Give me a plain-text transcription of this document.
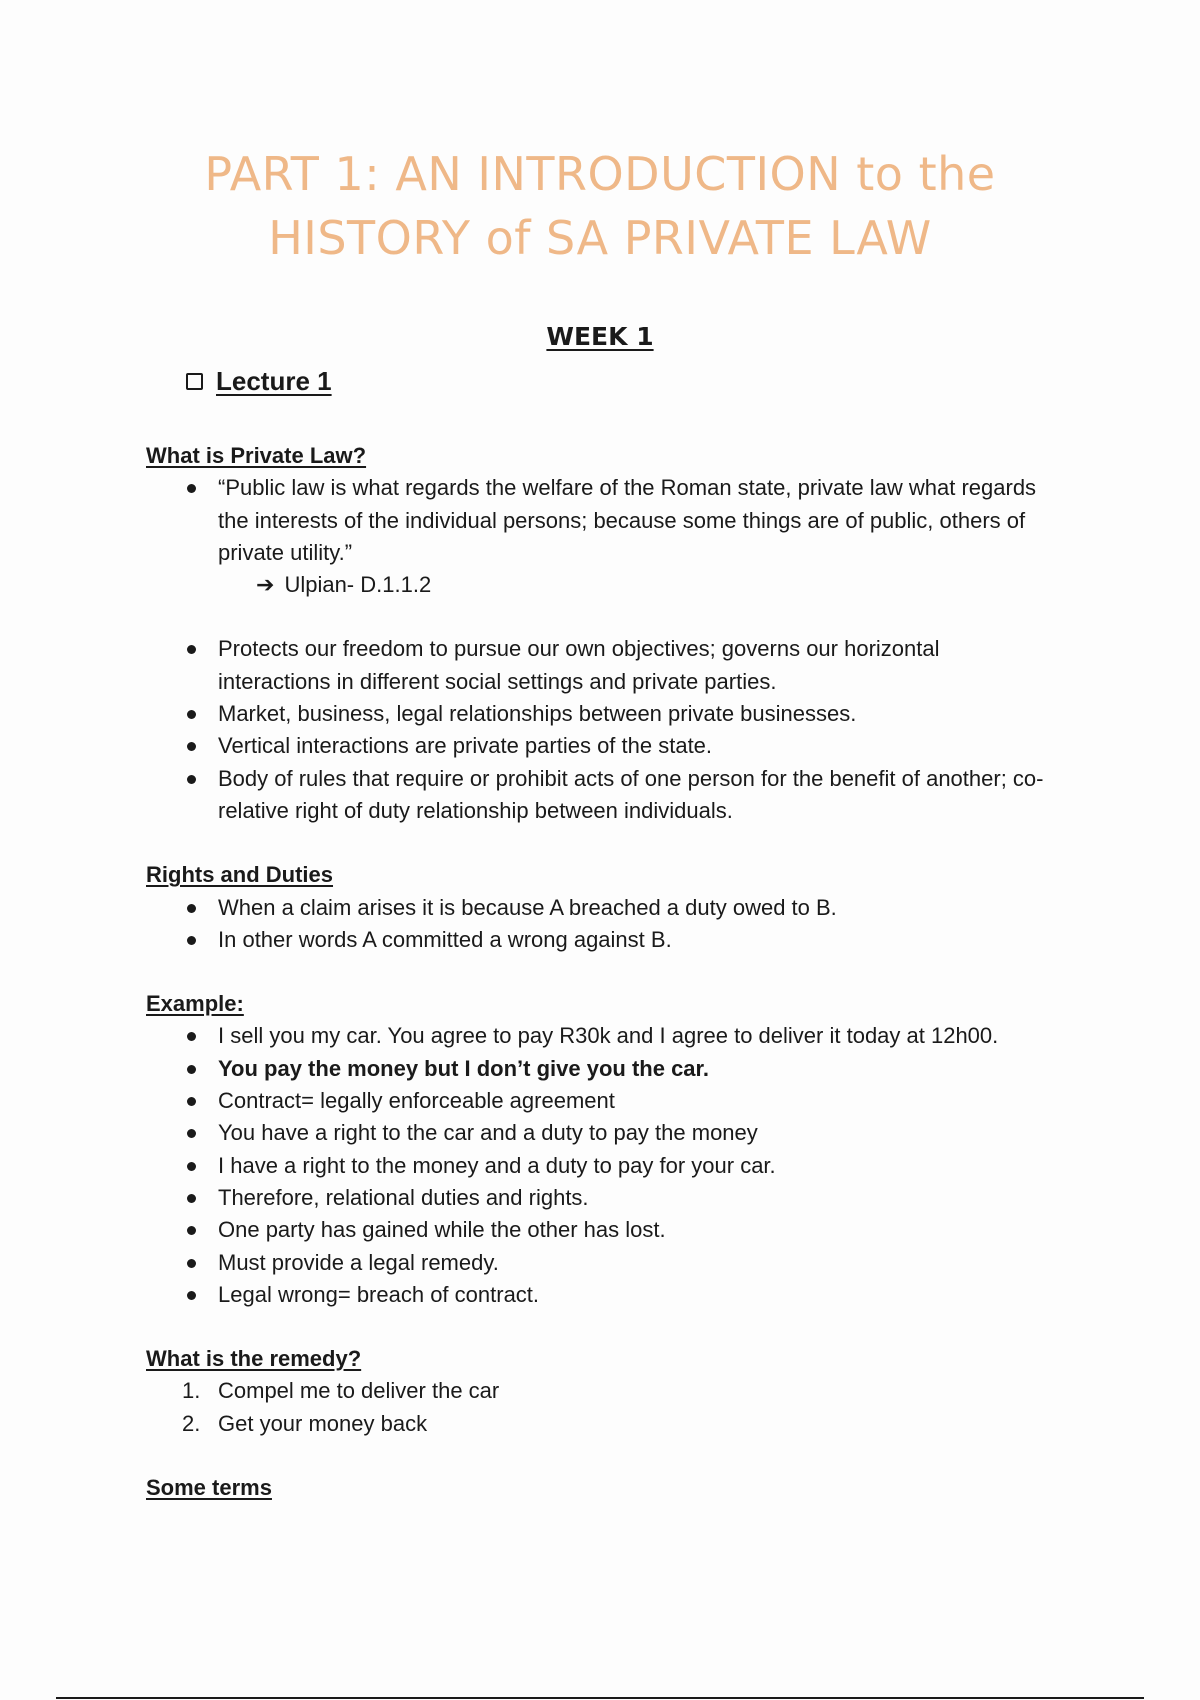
PART 1: AN INTRODUCTION to the
HISTORY of SA PRIVATE LAW
WEEK 1
Lecture 1
What is Private Law?
“Public law is what regards the welfare of the Roman state, private law what regards the interests of the individual persons; because some things are of public, others of private utility.”
➔ Ulpian- D.1.1.2
Protects our freedom to pursue our own objectives; governs our horizontal interactions in different social settings and private parties.
Market, business, legal relationships between private businesses.
Vertical interactions are private parties of the state.
Body of rules that require or prohibit acts of one person for the benefit of another; co-relative right of duty relationship between individuals.
Rights and Duties
When a claim arises it is because A breached a duty owed to B.
In other words A committed a wrong against B.
Example:
I sell you my car. You agree to pay R30k and I agree to deliver it today at 12h00.
You pay the money but I don’t give you the car.
Contract= legally enforceable agreement
You have a right to the car and a duty to pay the money
I have a right to the money and a duty to pay for your car.
Therefore, relational duties and rights.
One party has gained while the other has lost.
Must provide a legal remedy.
Legal wrong= breach of contract.
What is the remedy?
1. Compel me to deliver the car
2. Get your money back
Some terms
